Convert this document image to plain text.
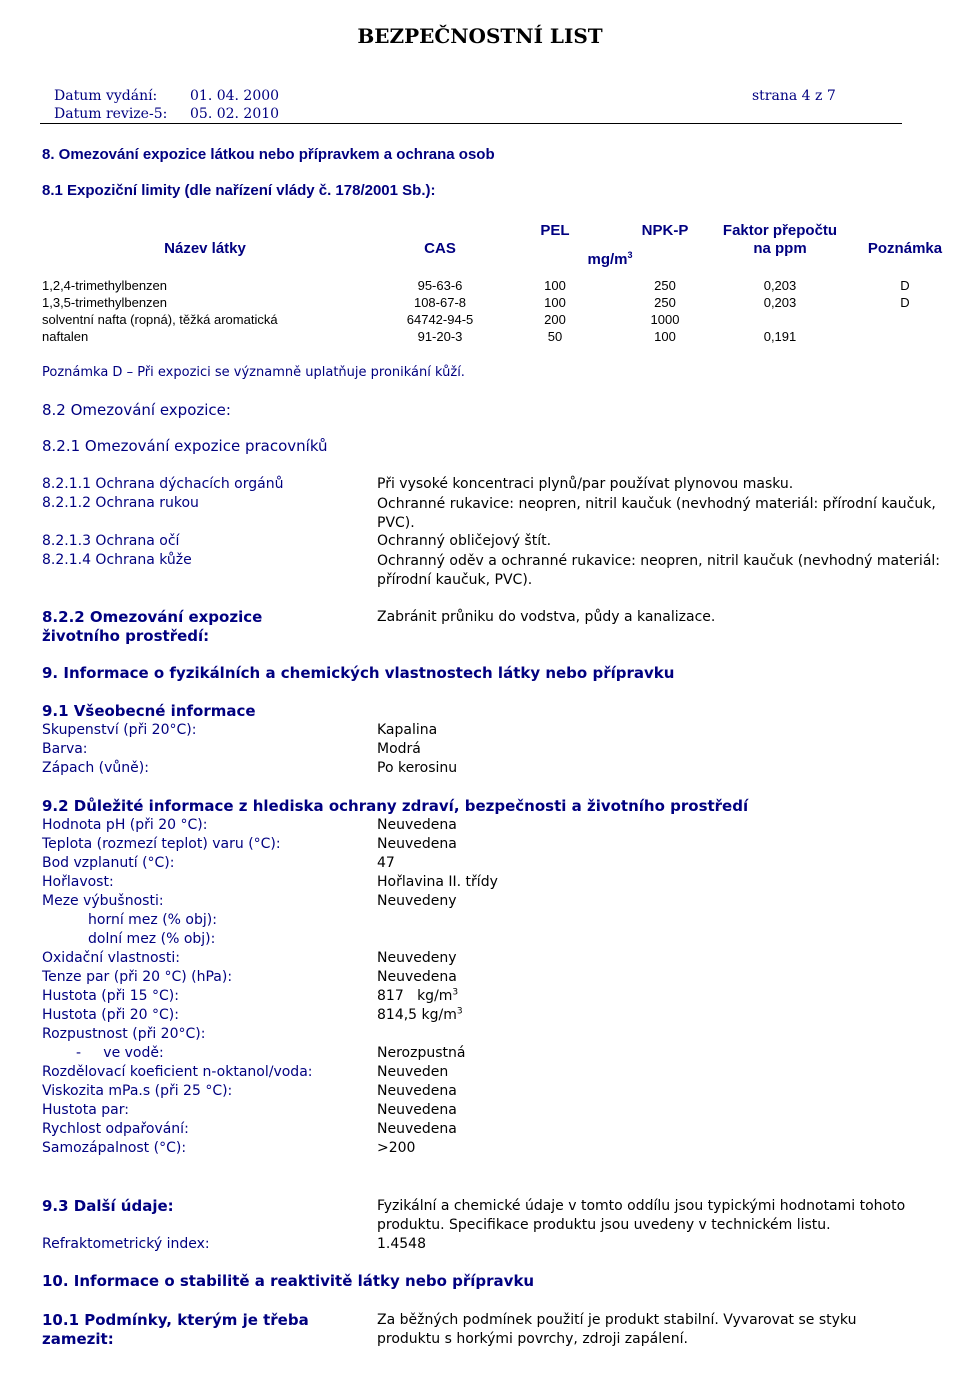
BEZPEČNOSTNÍ LIST
Datum vydání: 01. 04. 2000
Datum revize-5: 05. 02. 2010
strana 4 z 7
8. Omezování expozice látkou nebo přípravkem a ochrana osob
8.1 Expoziční limity (dle nařízení vlády č. 178/2001 Sb.):
Název látky	CAS
PEL	NPK-P
$mg/m^3$
Faktor přepočtu
na ppm	Poznámka
1,2,4-trimethylbenzen	95-63-6	100	250	0,203	D
1,3,5-trimethylbenzen	108-67-8	100	250	0,203	D
solventní nafta (ropná), těžká aromatická	64742-94-5	200	1000
naftalen	91-20-3	50	100	0,191
Poznámka D – Při expozici se významně uplatňuje pronikání kůží.
8.2 Omezování expozice:
8.2.1 Omezování expozice pracovníků
8.2.1.1 Ochrana dýchacích orgánů	Při vysoké koncentraci plynů/par používat plynovou masku.
8.2.1.2 Ochrana rukou	Ochranné rukavice: neopren, nitril kaučuk (nevhodný materiál: přírodní kaučuk, PVC).
8.2.1.3 Ochrana očí	Ochranný obličejový štít.
8.2.1.4 Ochrana kůže	Ochranný oděv a ochranné rukavice: neopren, nitril kaučuk (nevhodný materiál: přírodní kaučuk, PVC).
8.2.2 Omezování expozice životního prostředí:
Zabránit průniku do vodstva, půdy a kanalizace.
9. Informace o fyzikálních a chemických vlastnostech látky nebo přípravku
9.1 Všeobecné informace
Skupenství (při 20°C):	Kapalina
Barva:	Modrá
Zápach (vůně):	Po kerosinu
9.2 Důležité informace z hlediska ochrany zdraví, bezpečnosti a životního prostředí
Hodnota pH (při 20 °C):	Neuvedena
Teplota (rozmezí teplot) varu (°C):	Neuvedena
Bod vzplanutí (°C):	47
Hořlavost:	Hořlavina II. třídy
Meze výbušnosti:	Neuvedeny
horní mez (% obj):
dolní mez (% obj):
Oxidační vlastnosti:	Neuvedeny
Tenze par (při 20 °C) (hPa):	Neuvedena
Hustota (při 15 °C):	817   $kg/m^3$
Hustota (při 20 °C):	814,5 $kg/m^3$
Rozpustnost (při 20°C):
-     ve vodě:	Nerozpustná
Rozdělovací koeficient n-oktanol/voda:	Neuveden
Viskozita mPa.s (při 25 °C):	Neuvedena
Hustota par:	Neuvedena
Rychlost odpařování:	Neuvedena
Samozápalnost (°C):	>200
9.3 Další údaje:	Fyzikální a chemické údaje v tomto oddílu jsou typickými hodnotami tohoto produktu. Specifikace produktu jsou uvedeny v technickém listu.
Refraktometrický index:	1.4548
10. Informace o stabilitě a reaktivitě látky nebo přípravku
10.1 Podmínky, kterým je třeba zamezit:
Za běžných podmínek použití je produkt stabilní. Vyvarovat se styku produktu s horkými povrchy, zdroji zapálení.
